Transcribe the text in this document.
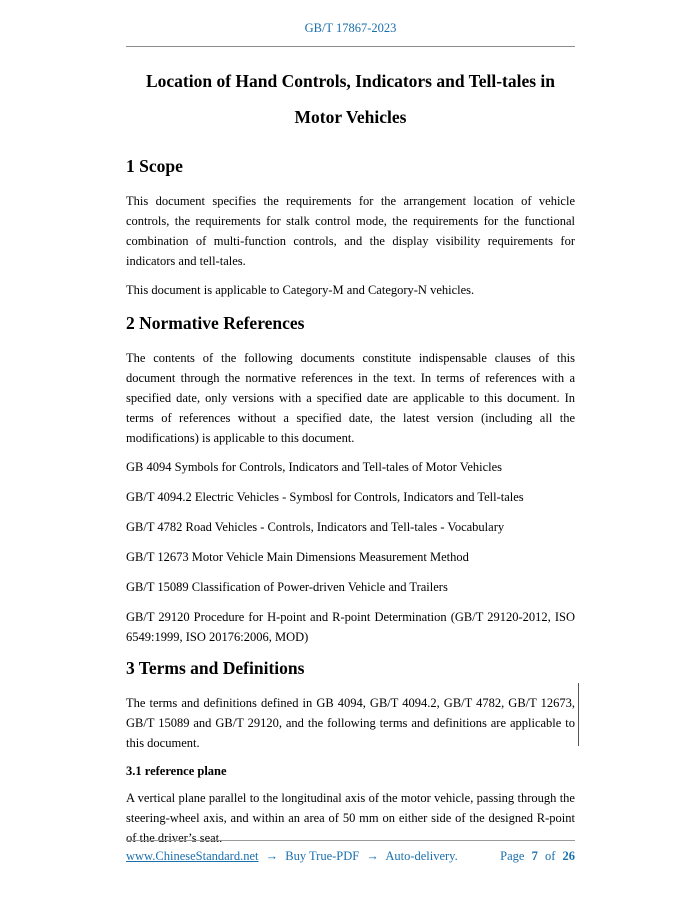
GB/T 17867-2023
Location of Hand Controls, Indicators and Tell-tales in
Motor Vehicles
1 Scope

This document specifies the requirements for the arrangement location of vehicle controls, the requirements for stalk control mode, the requirements for the functional combination of multi-function controls, and the display visibility requirements for indicators and tell-tales.

This document is applicable to Category-M and Category-N vehicles.

2 Normative References

The contents of the following documents constitute indispensable clauses of this document through the normative references in the text. In terms of references with a specified date, only versions with a specified date are applicable to this document. In terms of references without a specified date, the latest version (including all the modifications) is applicable to this document.

GB 4094 Symbols for Controls, Indicators and Tell-tales of Motor Vehicles

GB/T 4094.2 Electric Vehicles - Symbosl for Controls, Indicators and Tell-tales

GB/T 4782 Road Vehicles - Controls, Indicators and Tell-tales - Vocabulary

GB/T 12673 Motor Vehicle Main Dimensions Measurement Method

GB/T 15089 Classification of Power-driven Vehicle and Trailers

GB/T 29120 Procedure for H-point and R-point Determination (GB/T 29120-2012, ISO 6549:1999, ISO 20176:2006, MOD)

3 Terms and Definitions

The terms and definitions defined in GB 4094, GB/T 4094.2, GB/T 4782, GB/T 12673, GB/T 15089 and GB/T 29120, and the following terms and definitions are applicable to this document.

3.1 reference plane

A vertical plane parallel to the longitudinal axis of the motor vehicle, passing through the steering-wheel axis, and within an area of 50 mm on either side of the designed R-point of the driver’s seat.

www.ChineseStandard.net → Buy True-PDF → Auto-delivery.	Page 7 of 26
